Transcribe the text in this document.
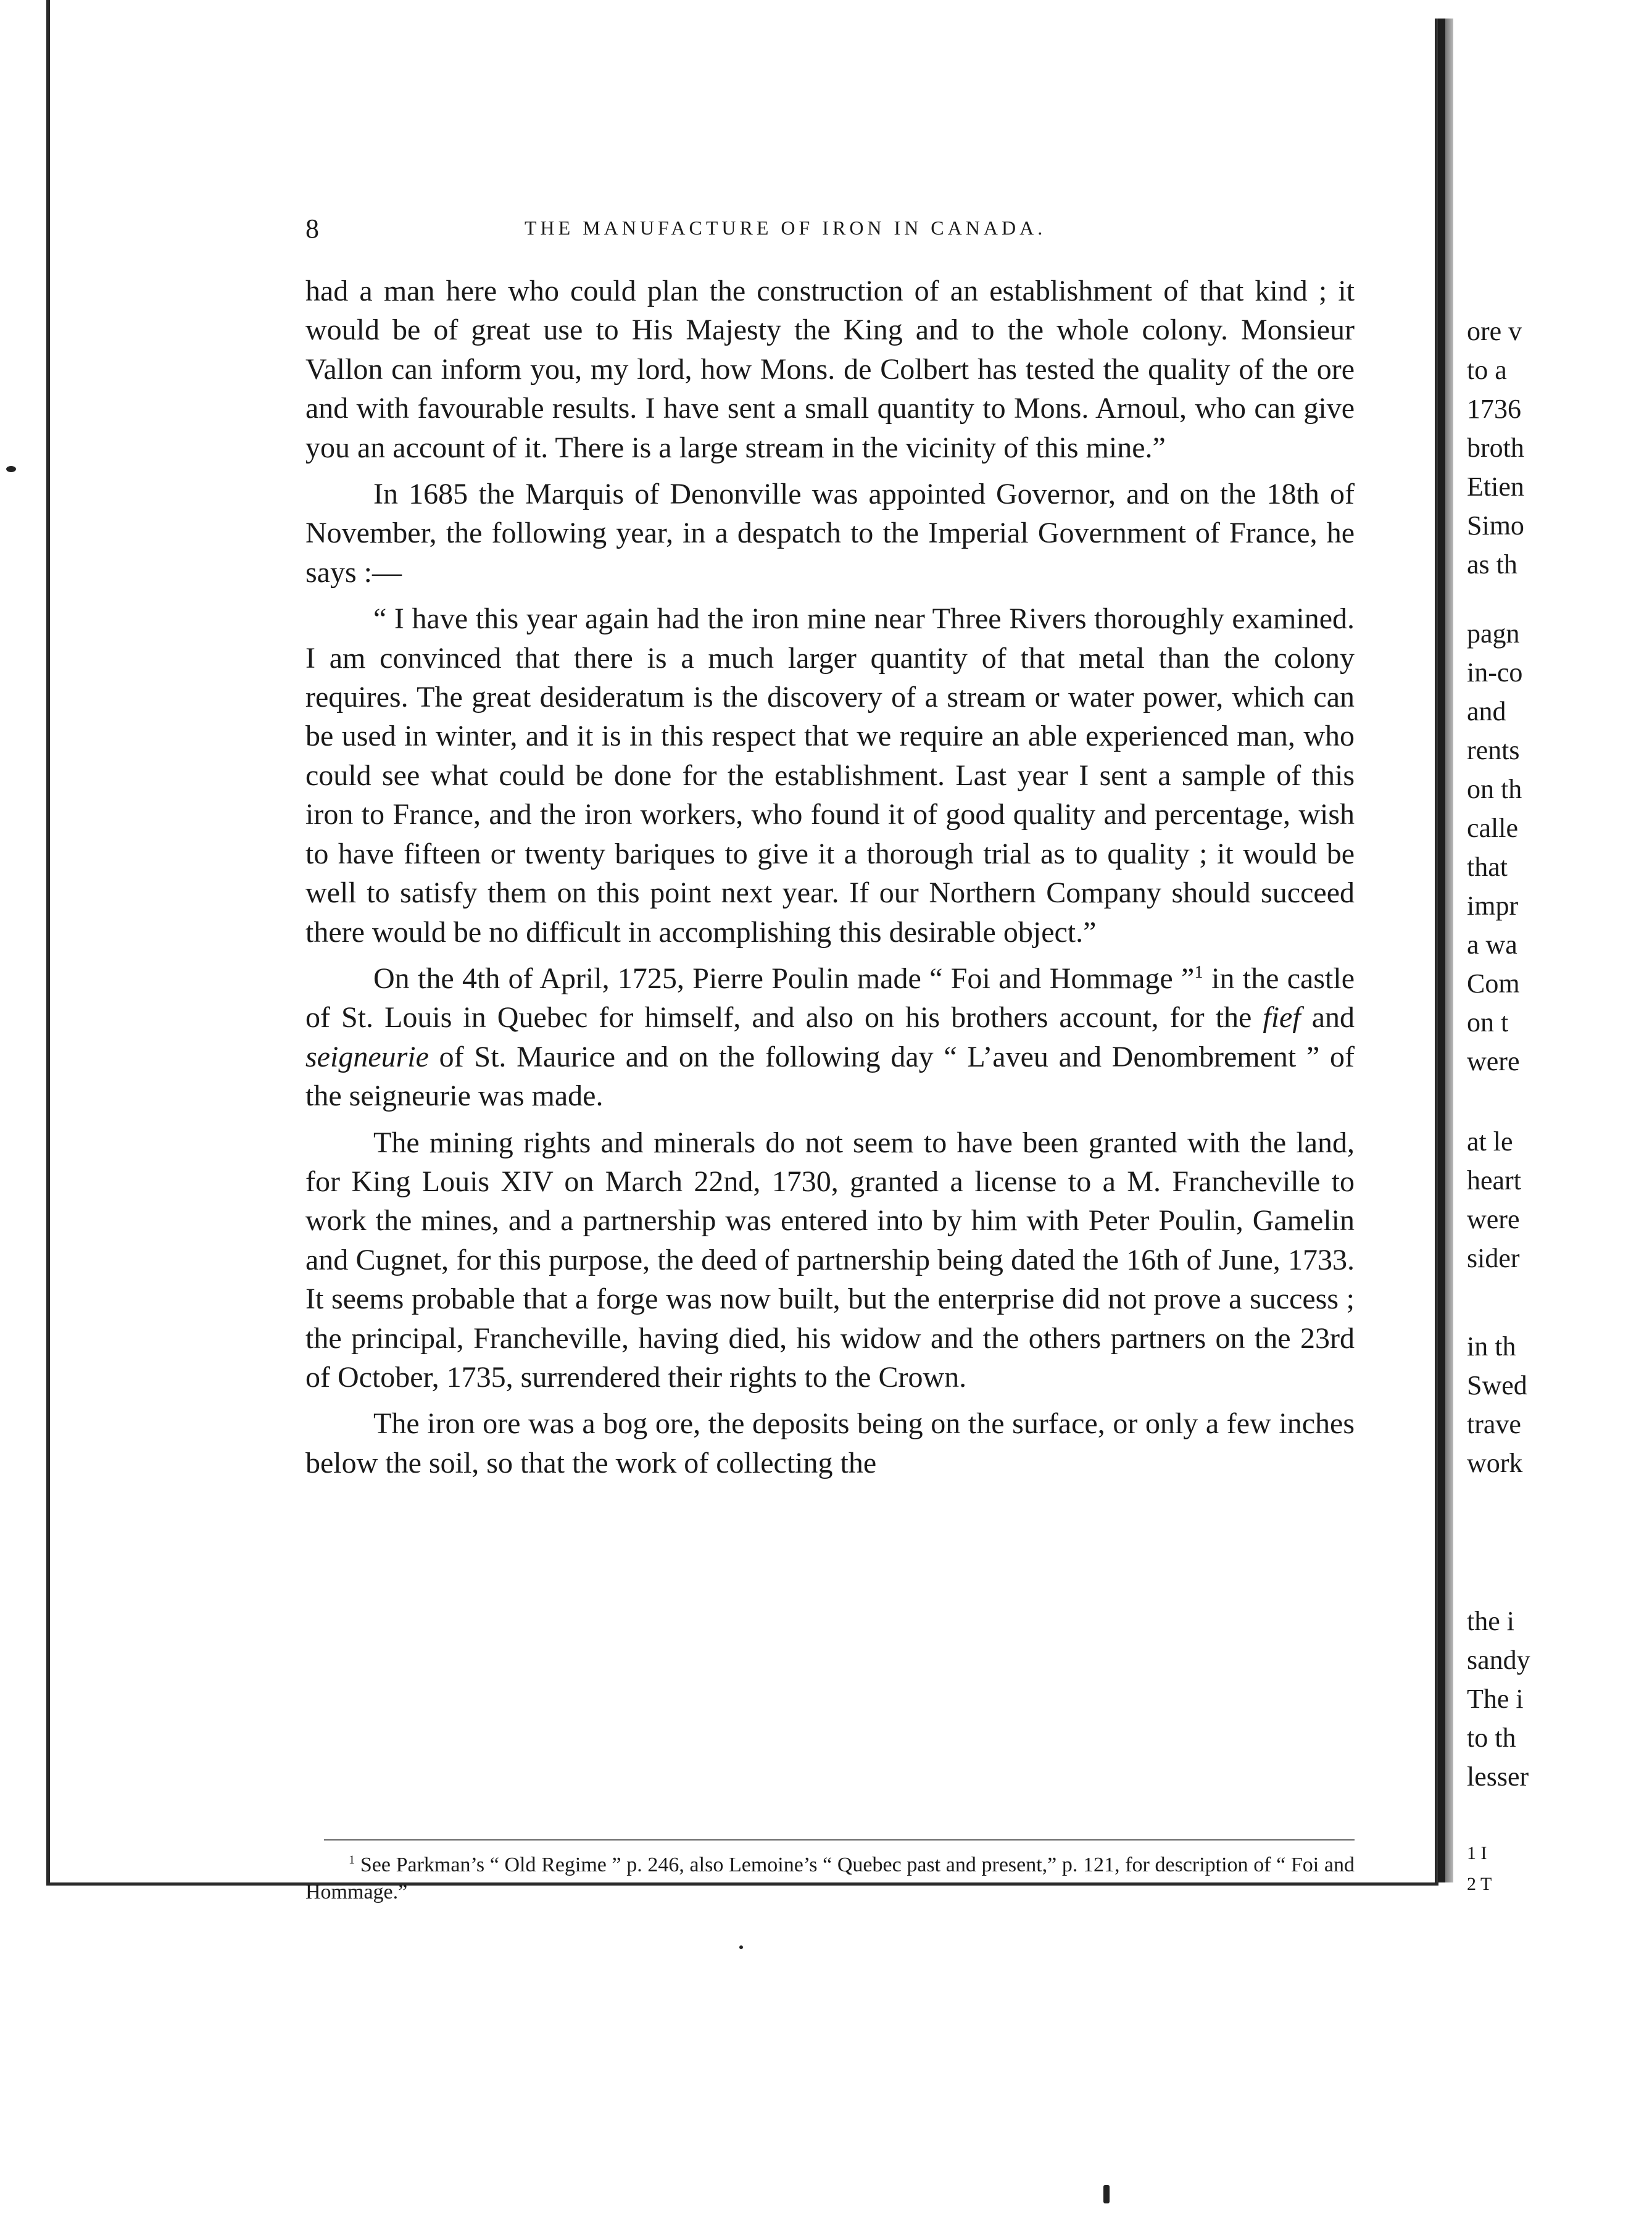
8	THE MANUFACTURE OF IRON IN CANADA.

had a man here who could plan the construction of an establishment of that kind ; it would be of great use to His Majesty the King and to the whole colony. Monsieur Vallon can inform you, my lord, how Mons. de Colbert has tested the quality of the ore and with favourable results. I have sent a small quantity to Mons. Arnoul, who can give you an account of it. There is a large stream in the vicinity of this mine.”

In 1685 the Marquis of Denonville was appointed Governor, and on the 18th of November, the following year, in a despatch to the Imperial Government of France, he says :—

“ I have this year again had the iron mine near Three Rivers thoroughly examined. I am convinced that there is a much larger quantity of that metal than the colony requires. The great desideratum is the discovery of a stream or water power, which can be used in winter, and it is in this respect that we require an able experienced man, who could see what could be done for the establishment. Last year I sent a sample of this iron to France, and the iron workers, who found it of good quality and percentage, wish to have fifteen or twenty bariques to give it a thorough trial as to quality ; it would be well to satisfy them on this point next year. If our Northern Company should succeed there would be no difficult in accomplishing this desirable object.”

On the 4th of April, 1725, Pierre Poulin made “ Foi and Hommage ”$^1$ in the castle of St. Louis in Quebec for himself, and also on his brothers account, for the fief and seigneurie of St. Maurice and on the following day “ L’aveu and Denombrement ” of the seigneurie was made.

The mining rights and minerals do not seem to have been granted with the land, for King Louis XIV on March 22nd, 1730, granted a license to a M. Francheville to work the mines, and a partnership was entered into by him with Peter Poulin, Gamelin and Cugnet, for this purpose, the deed of partnership being dated the 16th of June, 1733. It seems probable that a forge was now built, but the enterprise did not prove a success ; the principal, Francheville, having died, his widow and the others partners on the 23rd of October, 1735, surrendered their rights to the Crown.

The iron ore was a bog ore, the deposits being on the surface, or only a few inches below the soil, so that the work of collecting the

$^1$ See Parkman’s “ Old Regime ” p. 246, also Lemoine’s “ Quebec past and present,” p. 121, for description of “ Foi and Hommage.”

ore v
to a
1736
broth
Etien
Simo
as th
pagn
in-co
and
rents
on th
calle
that
impr
a wa
Com
on t
were
at le
heart
were
sider
in th
Swed
trave
work
the i
sandy
The i
to th
lesser
1 I
2 T
